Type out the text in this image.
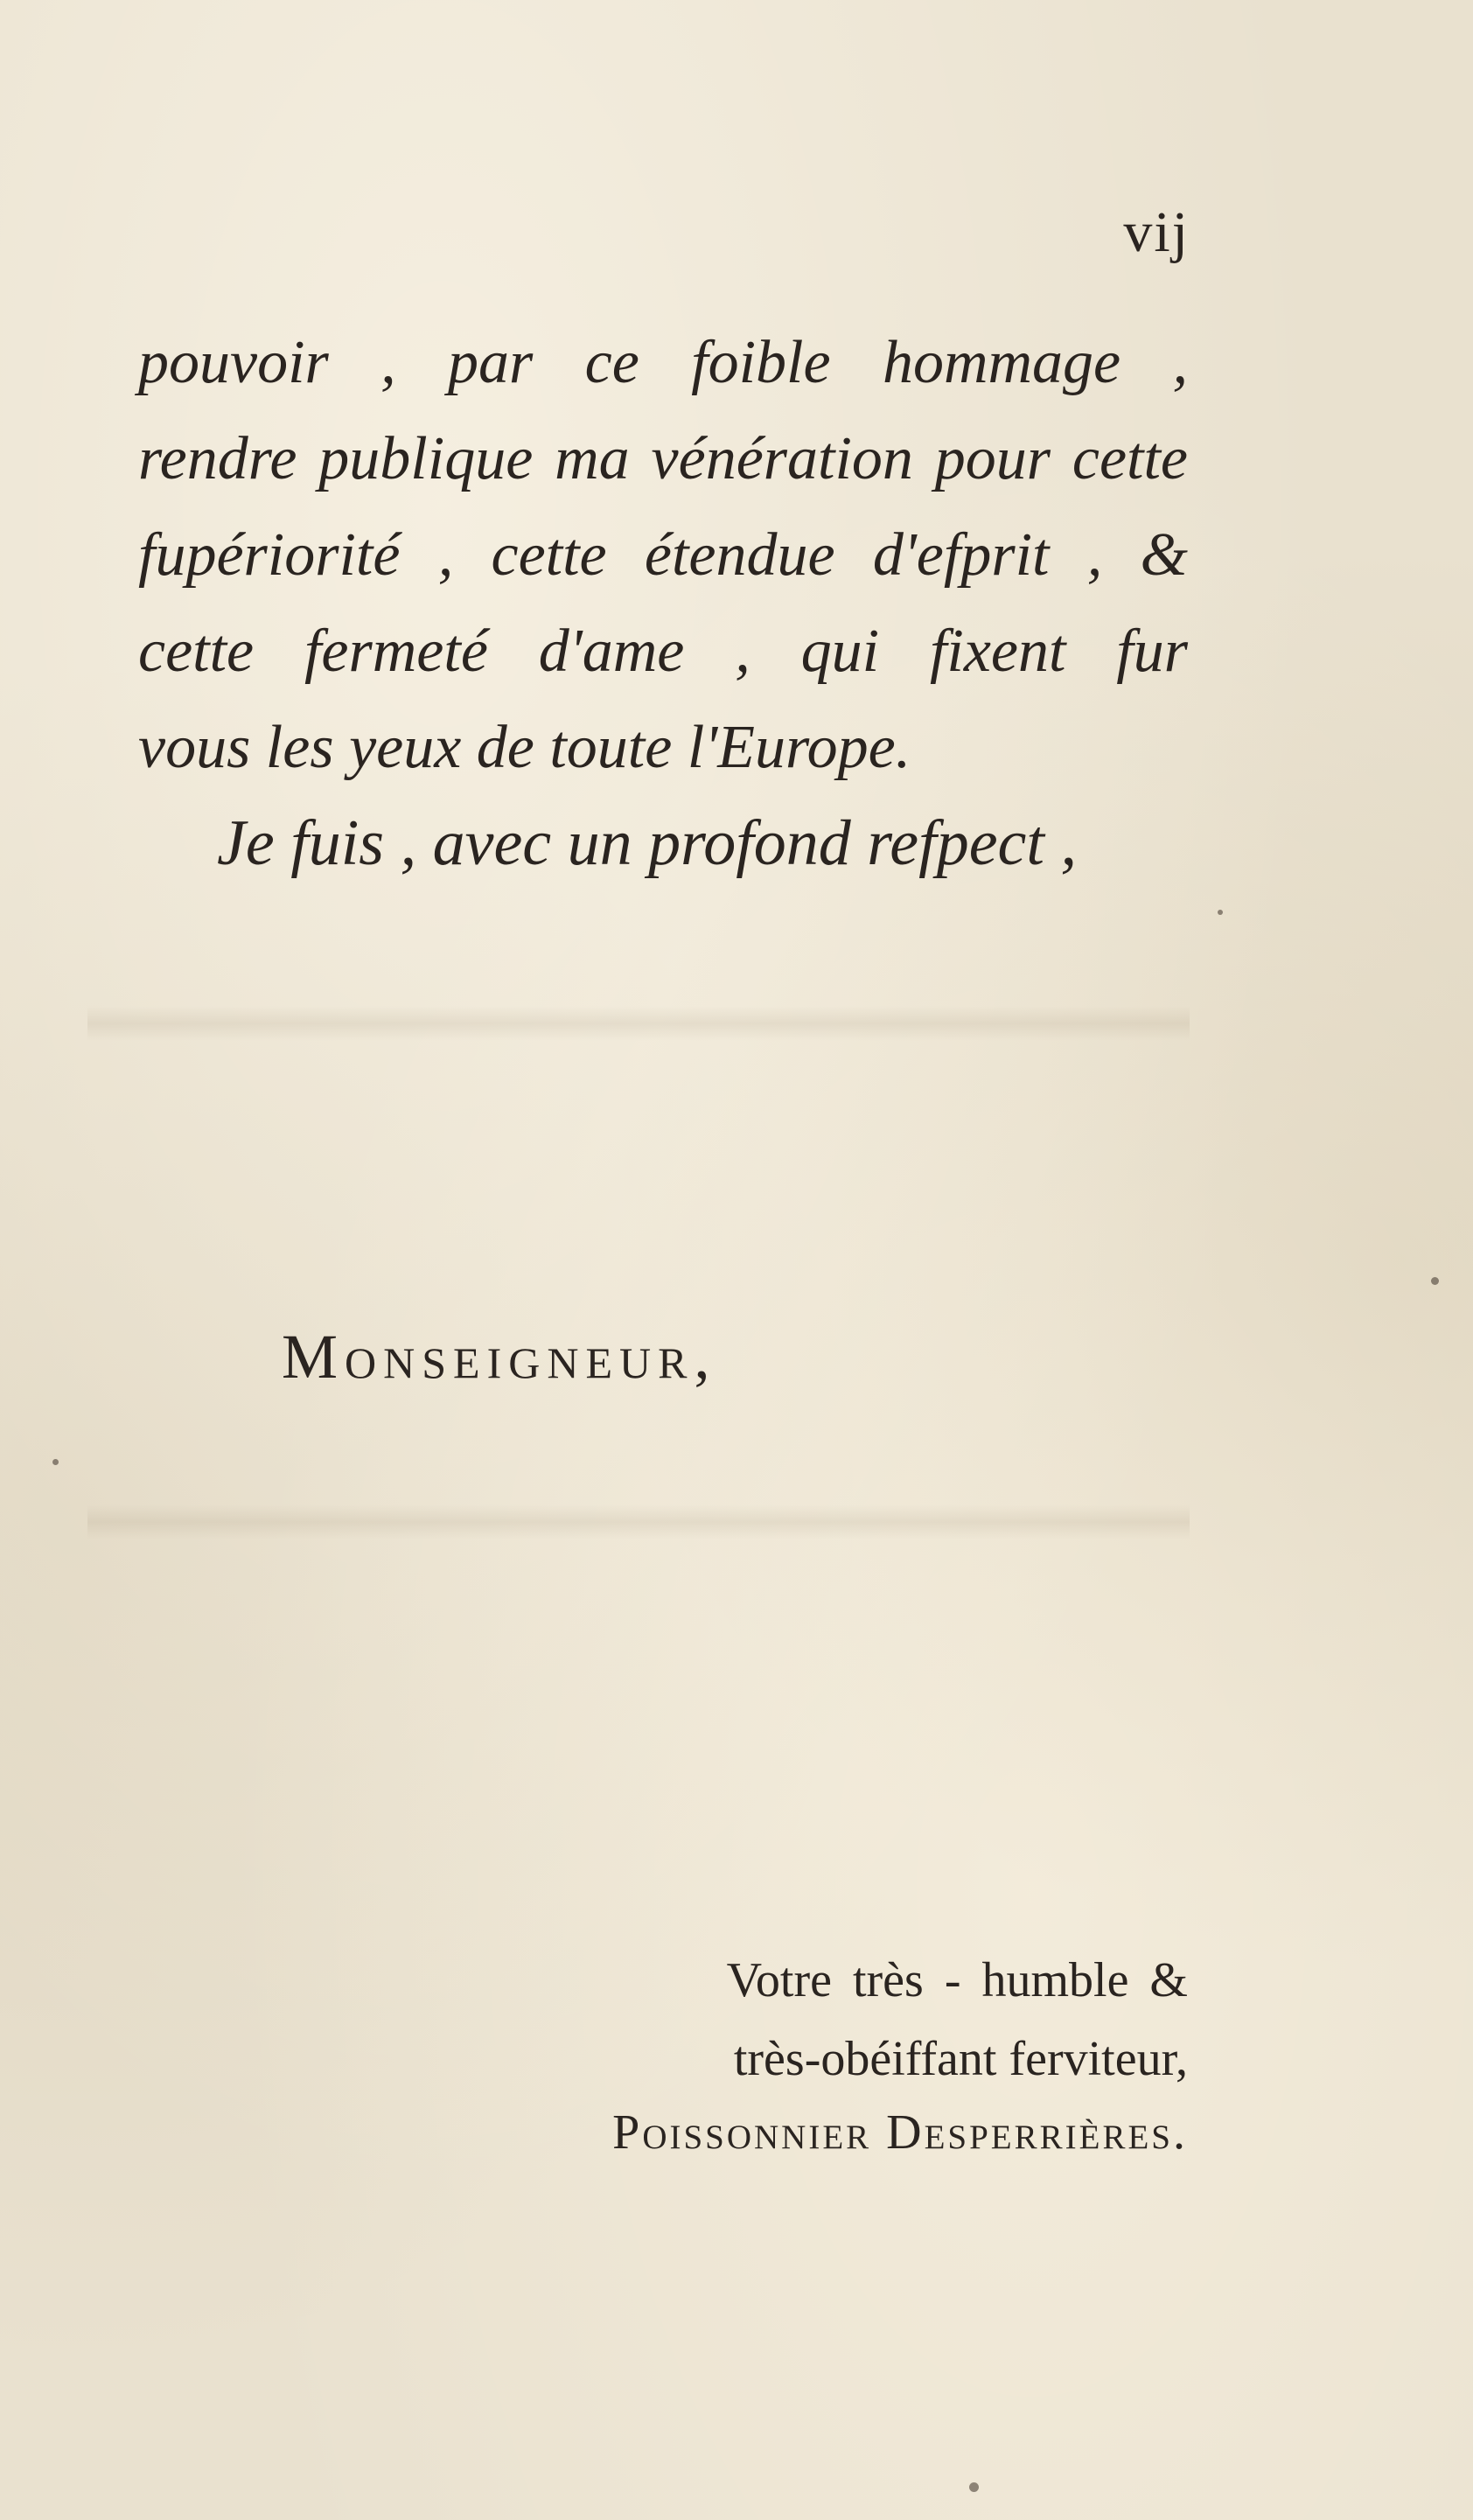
vij
pouvoir , par ce foible hommage ,
rendre publique ma vénération pour cette
fupériorité , cette étendue d'efprit , &
cette fermeté d'ame , qui fixent fur
vous les yeux de toute l'Europe.
Je fuis , avec un profond refpect ,
Monseigneur,
Votre très - humble &
très-obéiffant ferviteur,
Poissonnier Desperrières.
